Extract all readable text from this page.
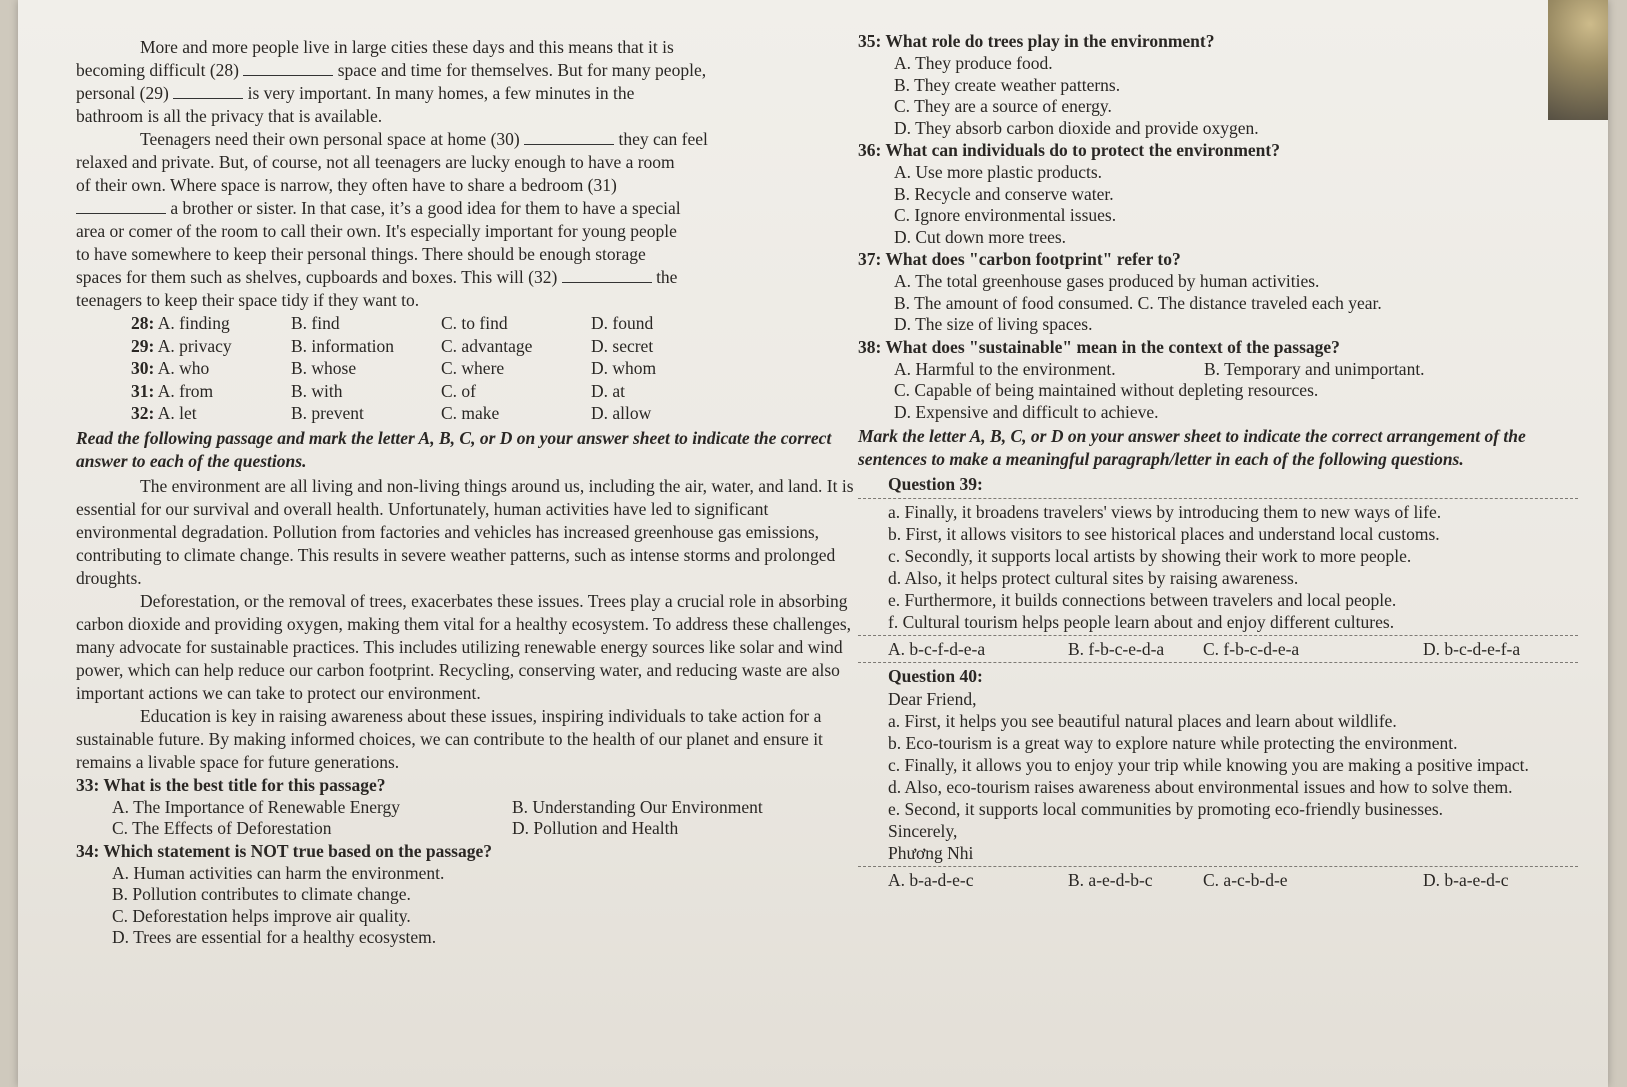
More and more people live in large cities these days and this means that it is

becoming difficult (28)	space and time for themselves. But for many people,

personal (29)	is very important. In many homes, a few minutes in the

bathroom is all the privacy that is available.

Teenagers need their own personal space at home (30)	they can feel

relaxed and private. But, of course, not all teenagers are lucky enough to have a room

of their own. Where space is narrow, they often have to share a bedroom (31)

a brother or sister. In that case, it’s a good idea for them to have a special

area or comer of the room to call their own. It's especially important for young people

to have somewhere to keep their personal things. There should be enough storage

spaces for them such as shelves, cupboards and boxes. This will (32)	the

teenagers to keep their space tidy if they want to.

28: A. finding	B. find	C. to find	D. found
29: A. privacy	B. information	C. advantage	D. secret
30: A. who	B. whose	C. where	D. whom
31: A. from	B. with	C. of	D. at
32: A. let	B. prevent	C. make	D. allow

Read the following passage and mark the letter A, B, C, or D on your answer sheet to indicate the correct answer to each of the questions.

The environment are all living and non-living things around us, including the air, water, and land. It is essential for our survival and overall health. Unfortunately, human activities have led to significant environmental degradation. Pollution from factories and vehicles has increased greenhouse gas emissions, contributing to climate change. This results in severe weather patterns, such as intense storms and prolonged droughts.

Deforestation, or the removal of trees, exacerbates these issues. Trees play a crucial role in absorbing carbon dioxide and providing oxygen, making them vital for a healthy ecosystem. To address these challenges, many advocate for sustainable practices. This includes utilizing renewable energy sources like solar and wind power, which can help reduce our carbon footprint. Recycling, conserving water, and reducing waste are also important actions we can take to protect our environment.

Education is key in raising awareness about these issues, inspiring individuals to take action for a sustainable future. By making informed choices, we can contribute to the health of our planet and ensure it remains a livable space for future generations.

33: What is the best title for this passage?

A. The Importance of Renewable Energy	B. Understanding Our Environment
C. The Effects of Deforestation	D. Pollution and Health

34: Which statement is NOT true based on the passage?

A. Human activities can harm the environment.

B. Pollution contributes to climate change.

C. Deforestation helps improve air quality.

D. Trees are essential for a healthy ecosystem.

35: What role do trees play in the environment?

A. They produce food.

B. They create weather patterns.

C. They are a source of energy.

D. They absorb carbon dioxide and provide oxygen.

36: What can individuals do to protect the environment?

A. Use more plastic products.

B. Recycle and conserve water.

C. Ignore environmental issues.

D. Cut down more trees.

37: What does "carbon footprint" refer to?

A. The total greenhouse gases produced by human activities.

B. The amount of food consumed. C. The distance traveled each year.

D. The size of living spaces.

38: What does "sustainable" mean in the context of the passage?

A. Harmful to the environment.	B. Temporary and unimportant.

C. Capable of being maintained without depleting resources.

D. Expensive and difficult to achieve.

Mark the letter A, B, C, or D on your answer sheet to indicate the correct arrangement of the sentences to make a meaningful paragraph/letter in each of the following questions.

Question 39:

a. Finally, it broadens travelers' views by introducing them to new ways of life.

b. First, it allows visitors to see historical places and understand local customs.

c. Secondly, it supports local artists by showing their work to more people.

d. Also, it helps protect cultural sites by raising awareness.

e. Furthermore, it builds connections between travelers and local people.

f. Cultural tourism helps people learn about and enjoy different cultures.

A. b-c-f-d-e-a	B. f-b-c-e-d-a	C. f-b-c-d-e-a	D. b-c-d-e-f-a

Question 40:

Dear Friend,

a. First, it helps you see beautiful natural places and learn about wildlife.

b. Eco-tourism is a great way to explore nature while protecting the environment.

c. Finally, it allows you to enjoy your trip while knowing you are making a positive impact.

d. Also, eco-tourism raises awareness about environmental issues and how to solve them.

e. Second, it supports local communities by promoting eco-friendly businesses.

Sincerely,

Phương Nhi

A. b-a-d-e-c	B. a-e-d-b-c	C. a-c-b-d-e	D. b-a-e-d-c
